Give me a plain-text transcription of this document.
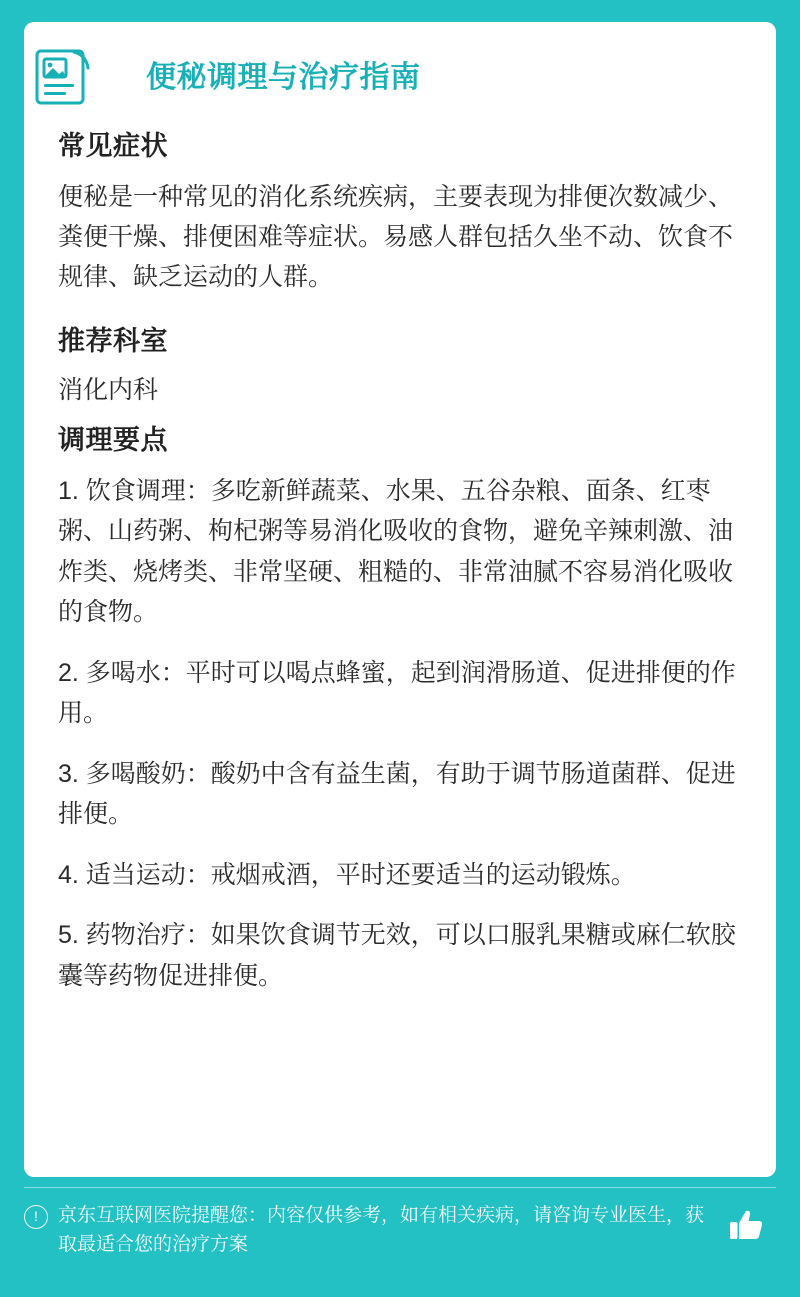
便秘调理与治疗指南
常见症状

便秘是一种常见的消化系统疾病，主要表现为排便次数减少、粪便干燥、排便困难等症状。易感人群包括久坐不动、饮食不规律、缺乏运动的人群。

推荐科室

消化内科

调理要点
1. 饮食调理：多吃新鲜蔬菜、水果、五谷杂粮、面条、红枣粥、山药粥、枸杞粥等易消化吸收的食物，避免辛辣刺激、油炸类、烧烤类、非常坚硬、粗糙的、非常油腻不容易消化吸收的食物。
2. 多喝水：平时可以喝点蜂蜜，起到润滑肠道、促进排便的作用。
3. 多喝酸奶：酸奶中含有益生菌，有助于调节肠道菌群、促进排便。
4. 适当运动：戒烟戒酒，平时还要适当的运动锻炼。
5. 药物治疗：如果饮食调节无效，可以口服乳果糖或麻仁软胶囊等药物促进排便。
!	京东互联网医院提醒您：内容仅供参考，如有相关疾病，请咨询专业医生，获取最适合您的治疗方案
